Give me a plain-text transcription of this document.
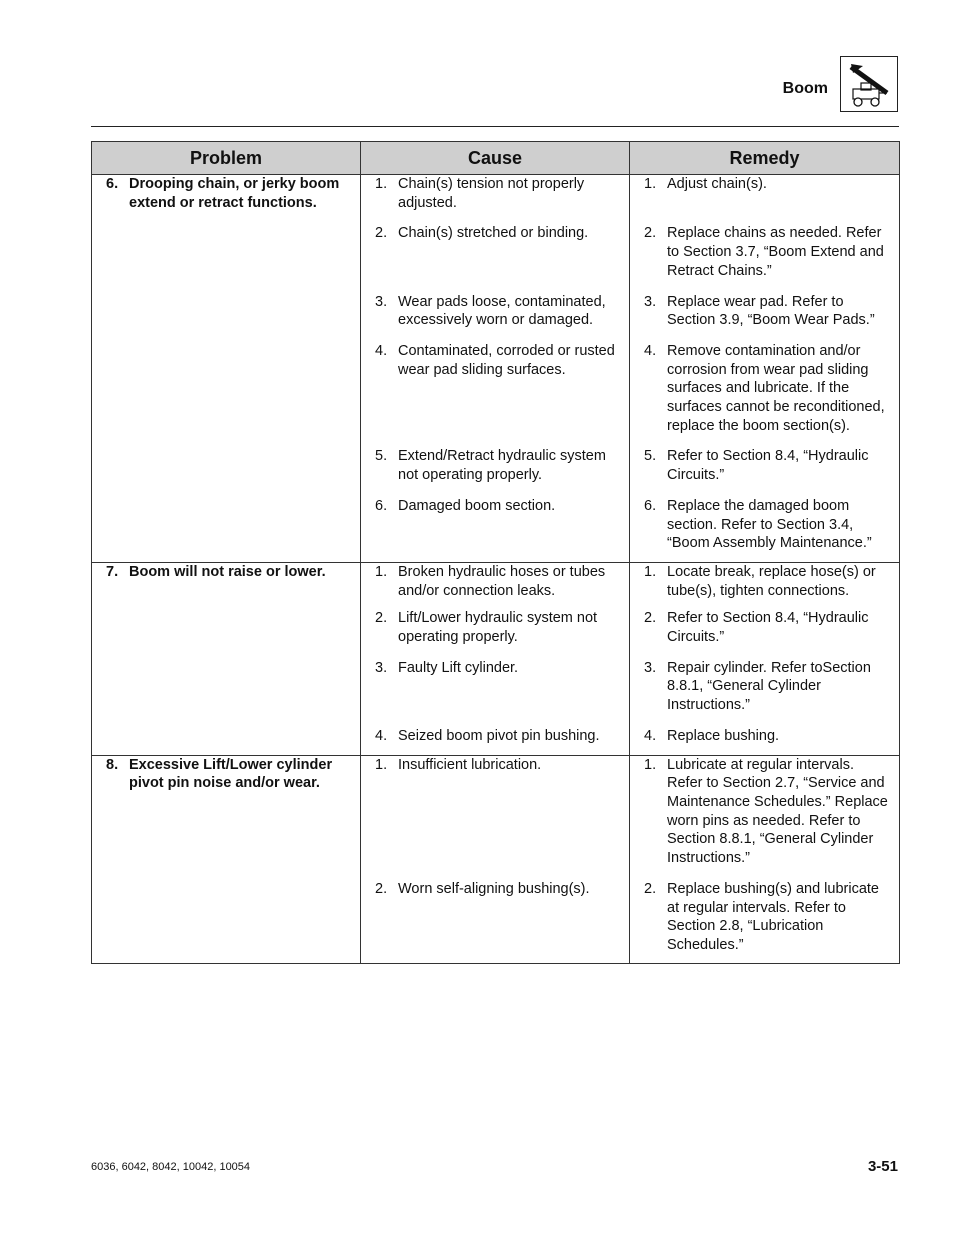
Boom
Problem	Cause	Remedy

6. Drooping chain, or jerky boom extend or retract functions.	1. Chain(s) tension not properly adjusted.	1. Adjust chain(s).

	2. Chain(s) stretched or binding.	2. Replace chains as needed. Refer to Section 3.7, “Boom Extend and Retract Chains.”

	3. Wear pads loose, contaminated, excessively worn or damaged.	3. Replace wear pad. Refer to Section 3.9, “Boom Wear Pads.”

	4. Contaminated, corroded or rusted wear pad sliding surfaces.	4. Remove contamination and/or corrosion from wear pad sliding surfaces and lubricate. If the surfaces cannot be reconditioned, replace the boom section(s).

	5. Extend/Retract hydraulic system not operating properly.	5. Refer to Section 8.4, “Hydraulic Circuits.”

	6. Damaged boom section.	6. Replace the damaged boom section. Refer to Section 3.4, “Boom Assembly Maintenance.”

7. Boom will not raise or lower.	1. Broken hydraulic hoses or tubes and/or connection leaks.	1. Locate break, replace hose(s) or tube(s), tighten connections.

	2. Lift/Lower hydraulic system not operating properly.	2. Refer to Section 8.4, “Hydraulic Circuits.”

	3. Faulty Lift cylinder.	3. Repair cylinder. Refer toSection 8.8.1, “General Cylinder Instructions.”

	4. Seized boom pivot pin bushing.	4. Replace bushing.

8. Excessive Lift/Lower cylinder pivot pin noise and/or wear.	1. Insufficient lubrication.	1. Lubricate at regular intervals. Refer to Section 2.7, “Service and Maintenance Schedules.” Replace worn pins as needed. Refer to Section 8.8.1, “General Cylinder Instructions.”

	2. Worn self-aligning bushing(s).	2. Replace bushing(s) and lubricate at regular intervals. Refer to Section 2.8, “Lubrication Schedules.”
6036, 6042, 8042, 10042, 10054	3-51
